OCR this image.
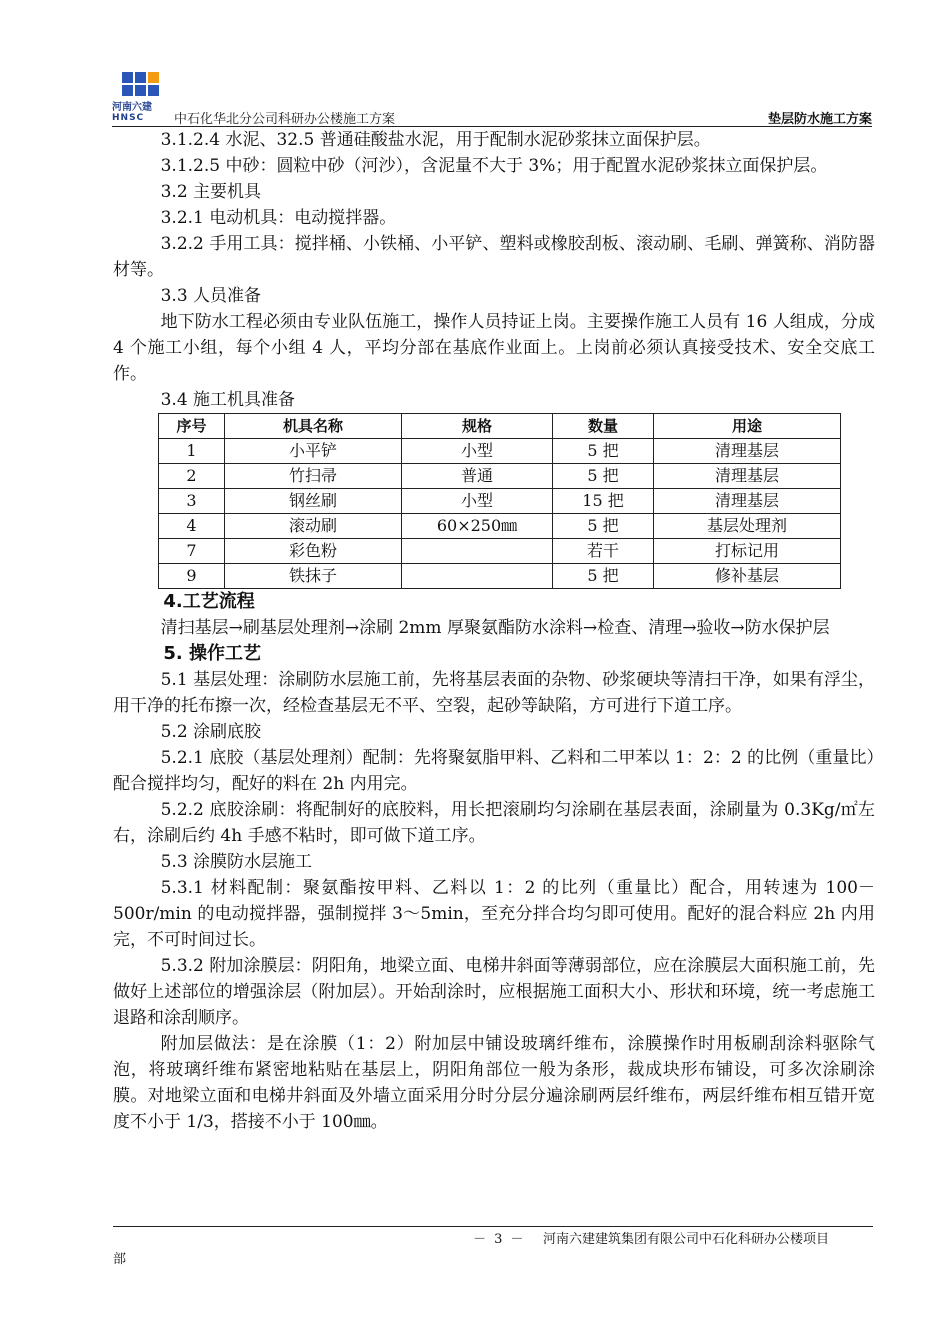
河南六建
HNSC 中石化华北分公司科研办公楼施工方案	垫层防水施工方案

3.1.2.4 水泥、32.5 普通硅酸盐水泥，用于配制水泥砂浆抹立面保护层。

3.1.2.5 中砂：圆粒中砂（河沙），含泥量不大于 3%；用于配置水泥砂浆抹立面保护层。

3.2 主要机具

3.2.1 电动机具：电动搅拌器。

3.2.2 手用工具：搅拌桶、小铁桶、小平铲、塑料或橡胶刮板、滚动刷、毛刷、弹簧称、消防器材等。

3.3 人员准备

地下防水工程必须由专业队伍施工，操作人员持证上岗。主要操作施工人员有 16 人组成，分成 4 个施工小组，每个小组 4 人，平均分部在基底作业面上。上岗前必须认真接受技术、安全交底工作。

3.4 施工机具准备

序号	机具名称	规格	数量	用途
1	小平铲	小型	5 把	清理基层
2	竹扫帚	普通	5 把	清理基层
3	钢丝刷	小型	15 把	清理基层
4	滚动刷	60×250㎜	5 把	基层处理剂
7	彩色粉		若干	打标记用
9	铁抹子		5 把	修补基层

4.工艺流程

清扫基层→刷基层处理剂→涂刷 2mm 厚聚氨酯防水涂料→检查、清理→验收→防水保护层

5. 操作工艺

5.1 基层处理：涂刷防水层施工前，先将基层表面的杂物、砂浆硬块等清扫干净，如果有浮尘，用干净的托布擦一次，经检查基层无不平、空裂，起砂等缺陷，方可进行下道工序。

5.2 涂刷底胶

5.2.1 底胶（基层处理剂）配制：先将聚氨脂甲料、乙料和二甲苯以 1：2：2 的比例（重量比）配合搅拌均匀，配好的料在 2h 内用完。

5.2.2 底胶涂刷：将配制好的底胶料，用长把滚刷均匀涂刷在基层表面，涂刷量为 0.3Kg/㎡左右，涂刷后约 4h 手感不粘时，即可做下道工序。

5.3 涂膜防水层施工

5.3.1 材料配制：聚氨酯按甲料、乙料以 1：2 的比列（重量比）配合，用转速为 100－500r/min 的电动搅拌器，强制搅拌 3～5min，至充分拌合均匀即可使用。配好的混合料应 2h 内用完，不可时间过长。

5.3.2 附加涂膜层：阴阳角，地梁立面、电梯井斜面等薄弱部位，应在涂膜层大面积施工前，先做好上述部位的增强涂层（附加层）。开始刮涂时，应根据施工面积大小、形状和环境，统一考虑施工退路和涂刮顺序。

附加层做法：是在涂膜（1：2）附加层中铺设玻璃纤维布，涂膜操作时用板刷刮涂料驱除气泡，将玻璃纤维布紧密地粘贴在基层上，阴阳角部位一般为条形，裁成块形布铺设，可多次涂刷涂膜。对地梁立面和电梯井斜面及外墙立面采用分时分层分遍涂刷两层纤维布，两层纤维布相互错开宽度不小于 1/3，搭接不小于 100㎜。

－ 3 － 河南六建建筑集团有限公司中石化科研办公楼项目
部
